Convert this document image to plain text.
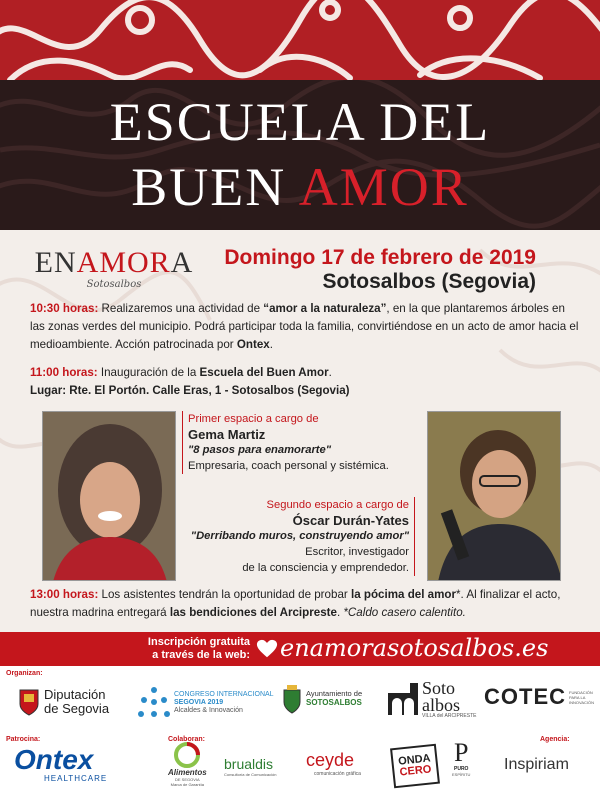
ESCUELA DEL
BUEN AMOR
ENAMORA
Sotosalbos
Domingo 17 de febrero de 2019
Sotosalbos (Segovia)
10:30 horas: Realizaremos una actividad de “amor a la naturaleza”, en la que plantaremos árboles en las zonas verdes del municipio. Podrá participar toda la familia, convirtiéndose en un acto de amor hacia el medioambiente. Acción patrocinada por Ontex.
11:00 horas: Inauguración de la Escuela del Buen Amor.
Lugar: Rte. El Portón. Calle Eras, 1 - Sotosalbos (Segovia)
Primer espacio a cargo de
Gema Martiz
"8 pasos para enamorarte"
Empresaria, coach personal y sistémica.
Segundo espacio a cargo de
Óscar Durán-Yates
"Derribando muros, construyendo amor"
Escritor, investigador
de la consciencia y emprendedor.
13:00 horas: Los asistentes tendrán la oportunidad de probar la pócima del amor*. Al finalizar el acto, nuestra madrina entregará las bendiciones del Arcipreste. *Caldo casero calentito.
Inscripción gratuita
a través de la web: enamorasotosalbos.es
Organizan:
Diputación
de Segovia
CONGRESO INTERNACIONAL
SEGOVIA 2019
Alcaldes & Innovación
Ayuntamiento de
SOTOSALBOS
Soto
albos
VILLA del ARCIPRESTE
COTEC FUNDACIÓN PARA LA INNOVACIÓN
Patrocina:
Ontex
HEALTHCARE
Colaboran:
Alimentos
DE SEGOVIA
Marca de Garantía
brualdis
Consultoría de Comunicación
ceyde
comunicación gráfica
ONDA
CERO
P
PURO
ESPÍRITU
Agencia:
Inspiriam
